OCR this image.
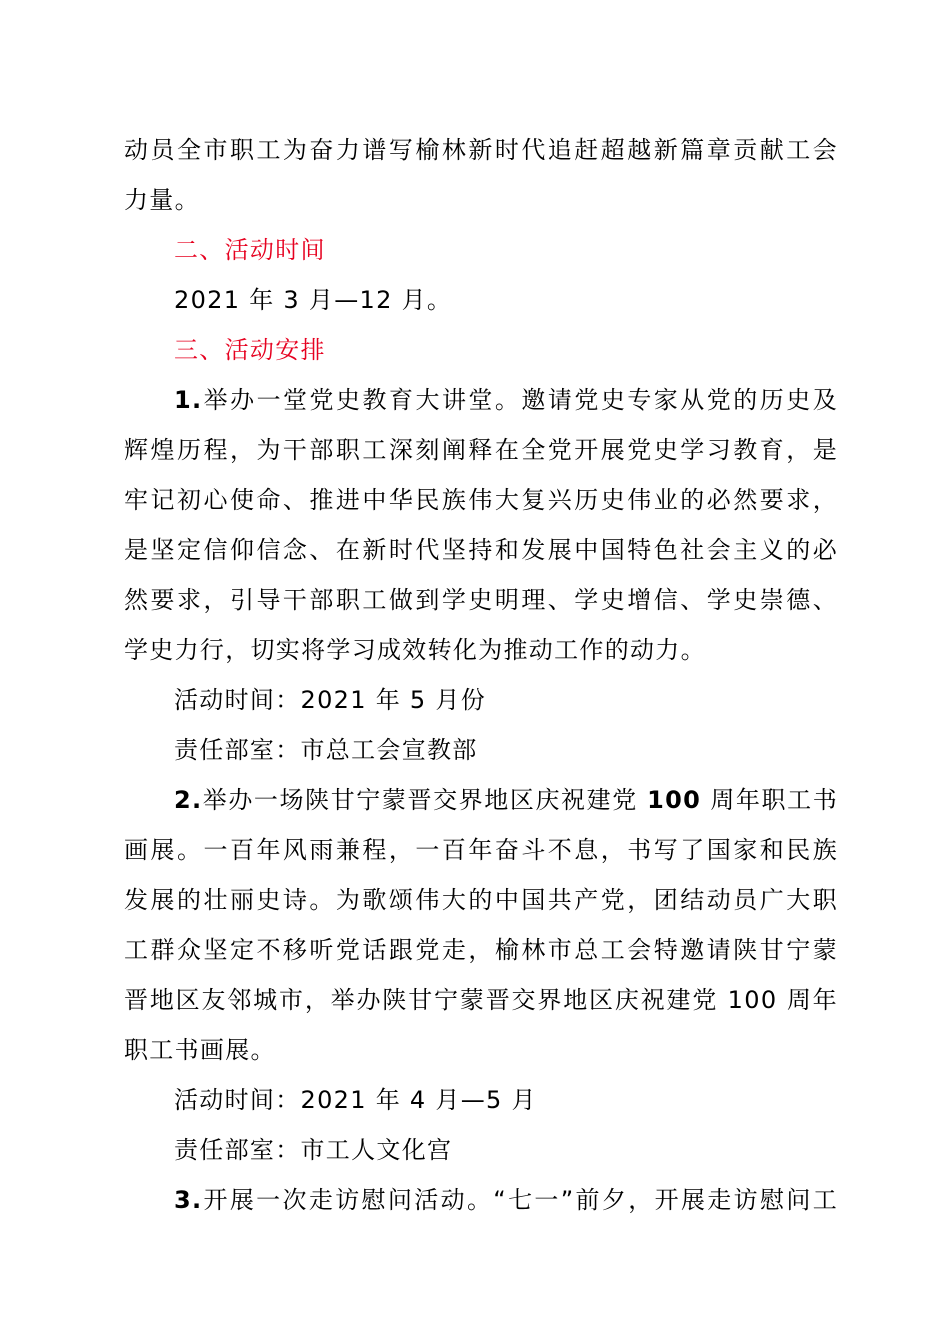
动员全市职工为奋力谱写榆林新时代追赶超越新篇章贡献工会
力量。
二、活动时间
2021 年 3 月—12 月。
三、活动安排
1.举办一堂党史教育大讲堂。邀请党史专家从党的历史及
辉煌历程，为干部职工深刻阐释在全党开展党史学习教育，是
牢记初心使命、推进中华民族伟大复兴历史伟业的必然要求，
是坚定信仰信念、在新时代坚持和发展中国特色社会主义的必
然要求，引导干部职工做到学史明理、学史增信、学史崇德、
学史力行，切实将学习成效转化为推动工作的动力。
活动时间：2021 年 5 月份
责任部室：市总工会宣教部
2.举办一场陕甘宁蒙晋交界地区庆祝建党 100 周年职工书
画展。一百年风雨兼程，一百年奋斗不息，书写了国家和民族
发展的壮丽史诗。为歌颂伟大的中国共产党，团结动员广大职
工群众坚定不移听党话跟党走，榆林市总工会特邀请陕甘宁蒙
晋地区友邻城市，举办陕甘宁蒙晋交界地区庆祝建党 100 周年
职工书画展。
活动时间：2021 年 4 月—5 月
责任部室：市工人文化宫
3.开展一次走访慰问活动。“七一”前夕，开展走访慰问工
